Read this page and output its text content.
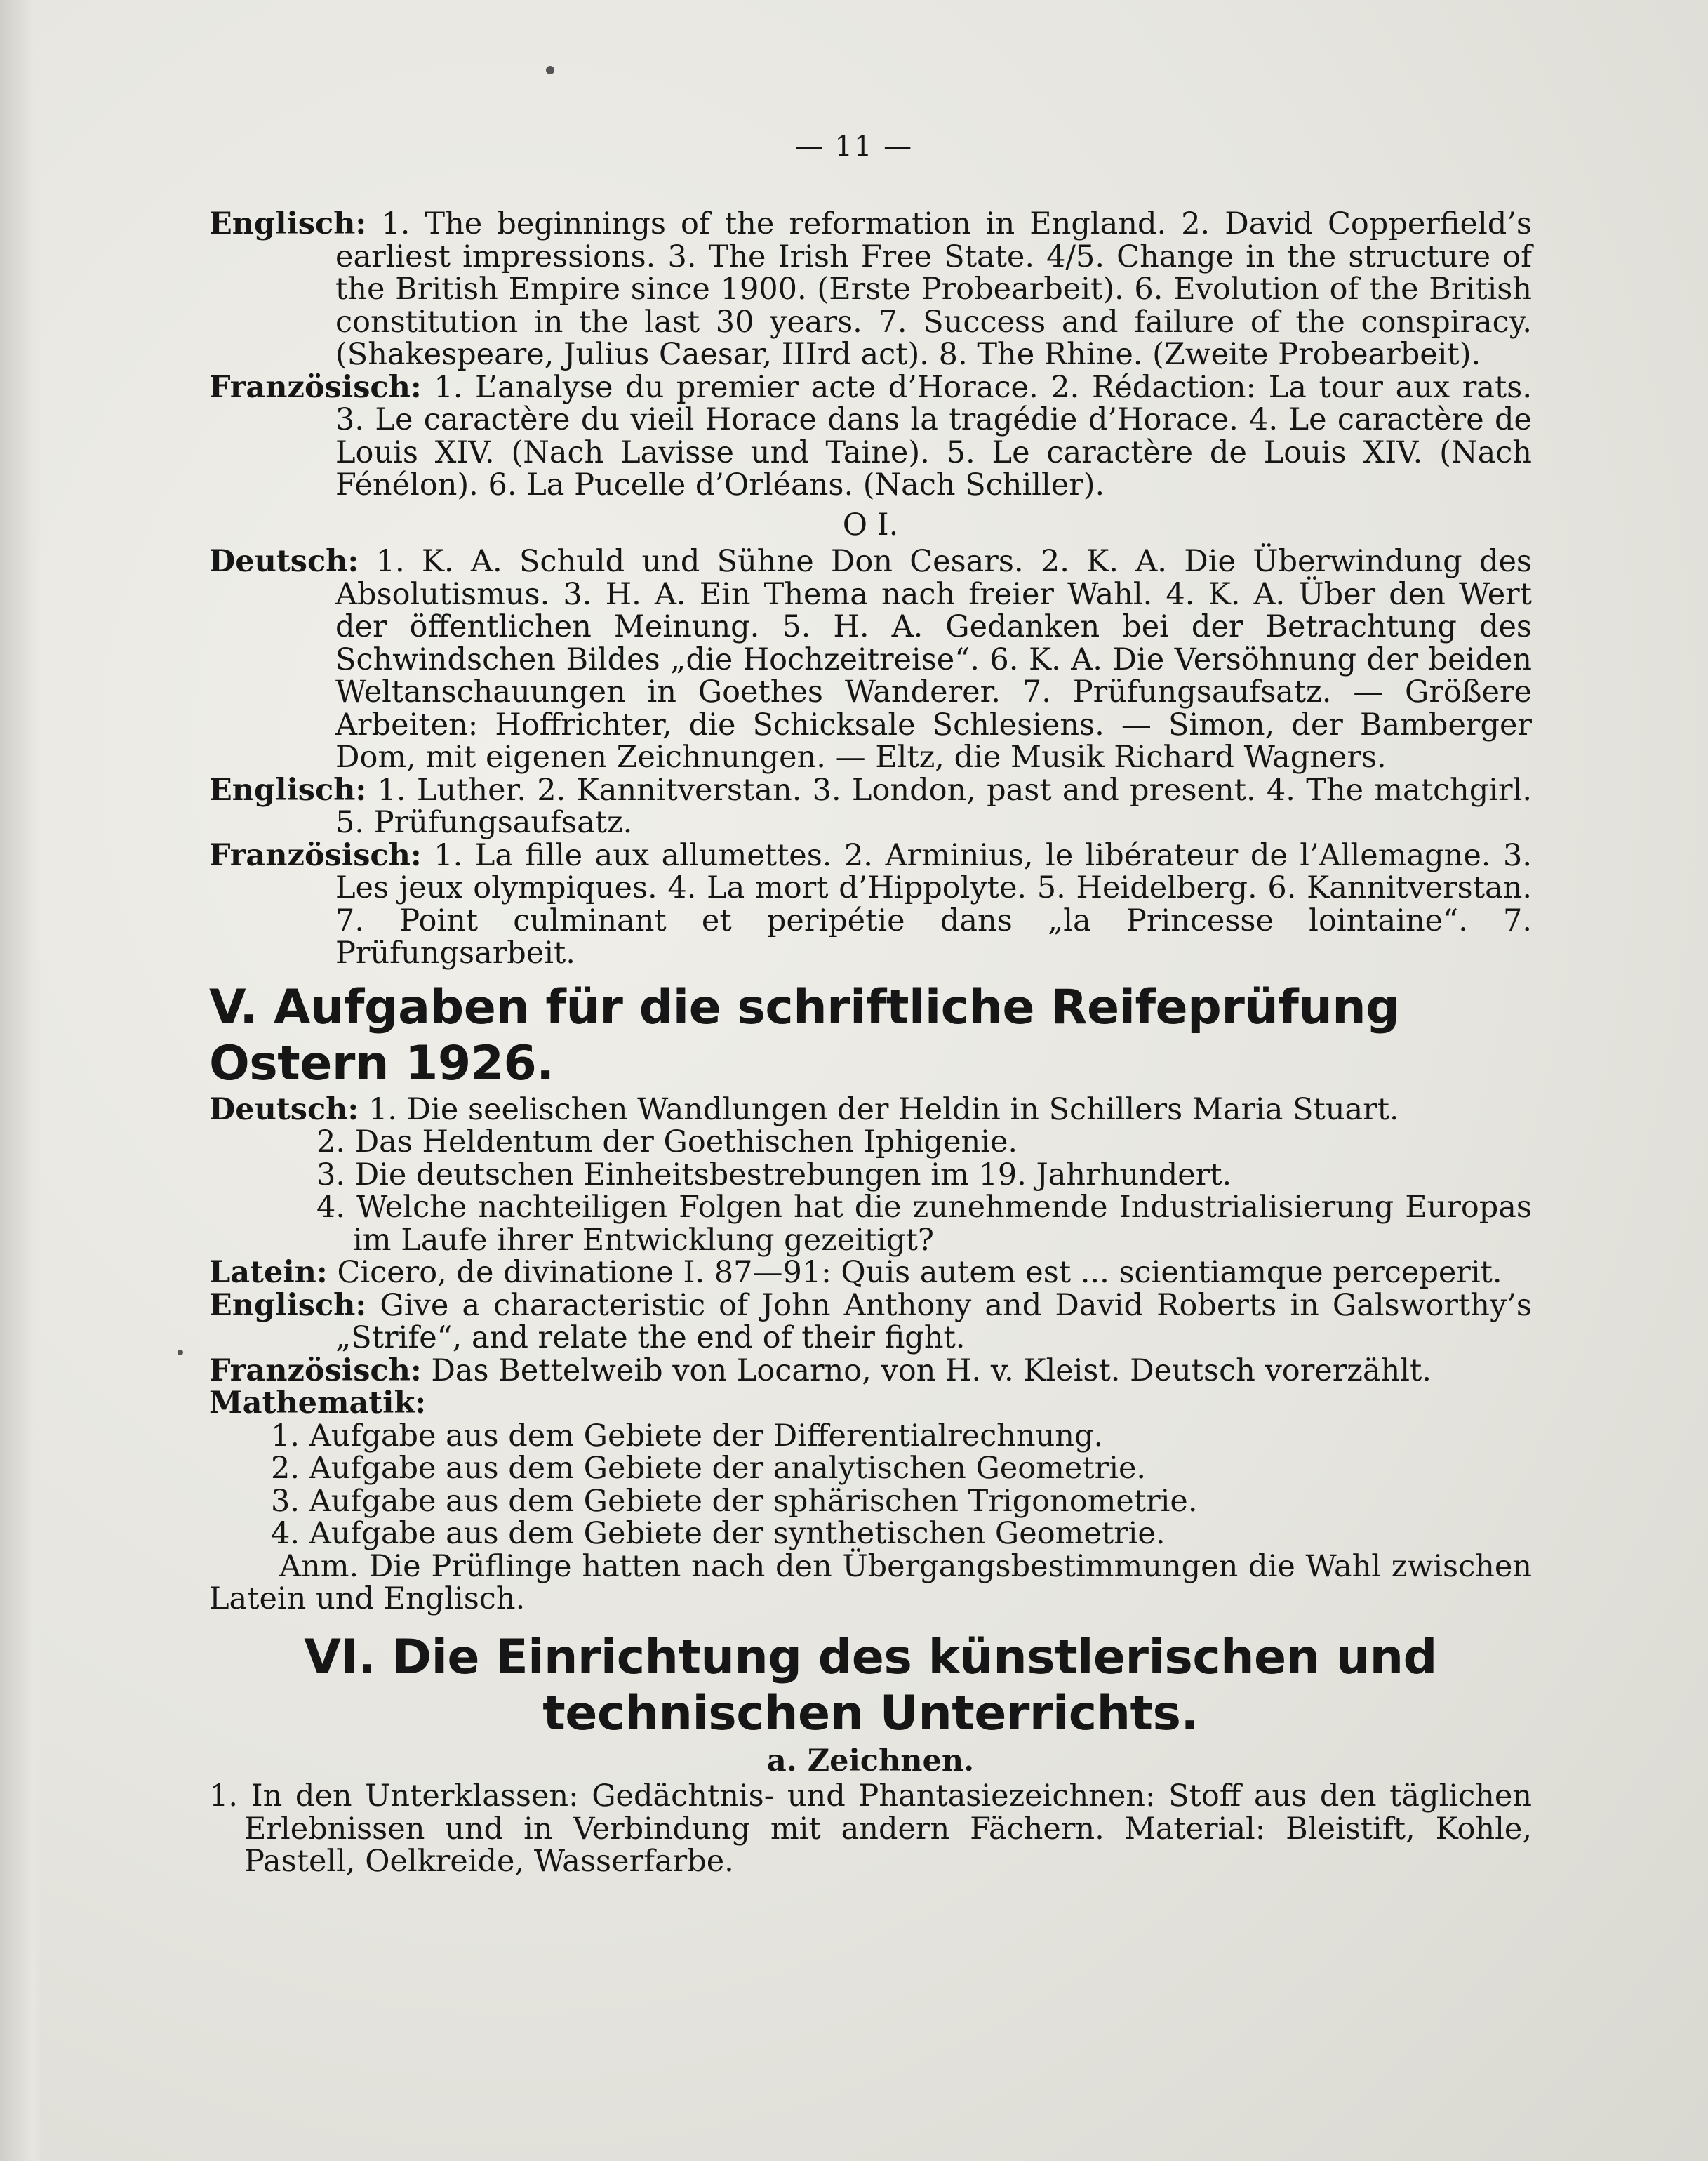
— 11 —

Englisch: 1. The beginnings of the reformation in England. 2. David Copperfield’s earliest impressions. 3. The Irish Free State. 4/5. Change in the structure of the British Empire since 1900. (Erste Probearbeit). 6. Evolution of the British constitution in the last 30 years. 7. Success and failure of the conspiracy. (Shakespeare, Julius Caesar, IIIrd act). 8. The Rhine. (Zweite Probearbeit).

Französisch: 1. L’analyse du premier acte d’Horace. 2. Rédaction: La tour aux rats. 3. Le caractère du vieil Horace dans la tragédie d’Horace. 4. Le caractère de Louis XIV. (Nach Lavisse und Taine). 5. Le caractère de Louis XIV. (Nach Fénélon). 6. La Pucelle d’Orléans. (Nach Schiller).

O I.

Deutsch: 1. K. A. Schuld und Sühne Don Cesars. 2. K. A. Die Überwindung des Absolutismus. 3. H. A. Ein Thema nach freier Wahl. 4. K. A. Über den Wert der öffentlichen Meinung. 5. H. A. Gedanken bei der Betrachtung des Schwindschen Bildes „die Hochzeitreise“. 6. K. A. Die Versöhnung der beiden Weltanschauungen in Goethes Wanderer. 7. Prüfungsaufsatz. — Größere Arbeiten: Hoffrichter, die Schicksale Schlesiens. — Simon, der Bamberger Dom, mit eigenen Zeichnungen. — Eltz, die Musik Richard Wagners.

Englisch: 1. Luther. 2. Kannitverstan. 3. London, past and present. 4. The matchgirl. 5. Prüfungsaufsatz.

Französisch: 1. La fille aux allumettes. 2. Arminius, le libérateur de l’Allemagne. 3. Les jeux olympiques. 4. La mort d’Hippolyte. 5. Heidelberg. 6. Kannitverstan. 7. Point culminant et peripétie dans „la Princesse lointaine“. 7. Prüfungsarbeit.

V. Aufgaben für die schriftliche Reifeprüfung Ostern 1926.
Deutsch: 1. Die seelischen Wandlungen der Heldin in Schillers Maria Stuart.
2. Das Heldentum der Goethischen Iphigenie.
3. Die deutschen Einheitsbestrebungen im 19. Jahrhundert.
4. Welche nachteiligen Folgen hat die zunehmende Industrialisierung Europas im Laufe ihrer Entwicklung gezeitigt?

Latein: Cicero, de divinatione I. 87—91: Quis autem est ... scientiamque perceperit.

Englisch: Give a characteristic of John Anthony and David Roberts in Galsworthy’s „Strife“, and relate the end of their fight.

Französisch: Das Bettelweib von Locarno, von H. v. Kleist. Deutsch vorerzählt.

Mathematik:
1. Aufgabe aus dem Gebiete der Differentialrechnung.
2. Aufgabe aus dem Gebiete der analytischen Geometrie.
3. Aufgabe aus dem Gebiete der sphärischen Trigonometrie.
4. Aufgabe aus dem Gebiete der synthetischen Geometrie.

Anm. Die Prüflinge hatten nach den Übergangsbestimmungen die Wahl zwischen Latein und Englisch.

VI. Die Einrichtung des künstlerischen und technischen Unterrichts.
a. Zeichnen.

1. In den Unterklassen: Gedächtnis- und Phantasiezeichnen: Stoff aus den täglichen Erlebnissen und in Verbindung mit andern Fächern. Material: Bleistift, Kohle, Pastell, Oelkreide, Wasserfarbe.
